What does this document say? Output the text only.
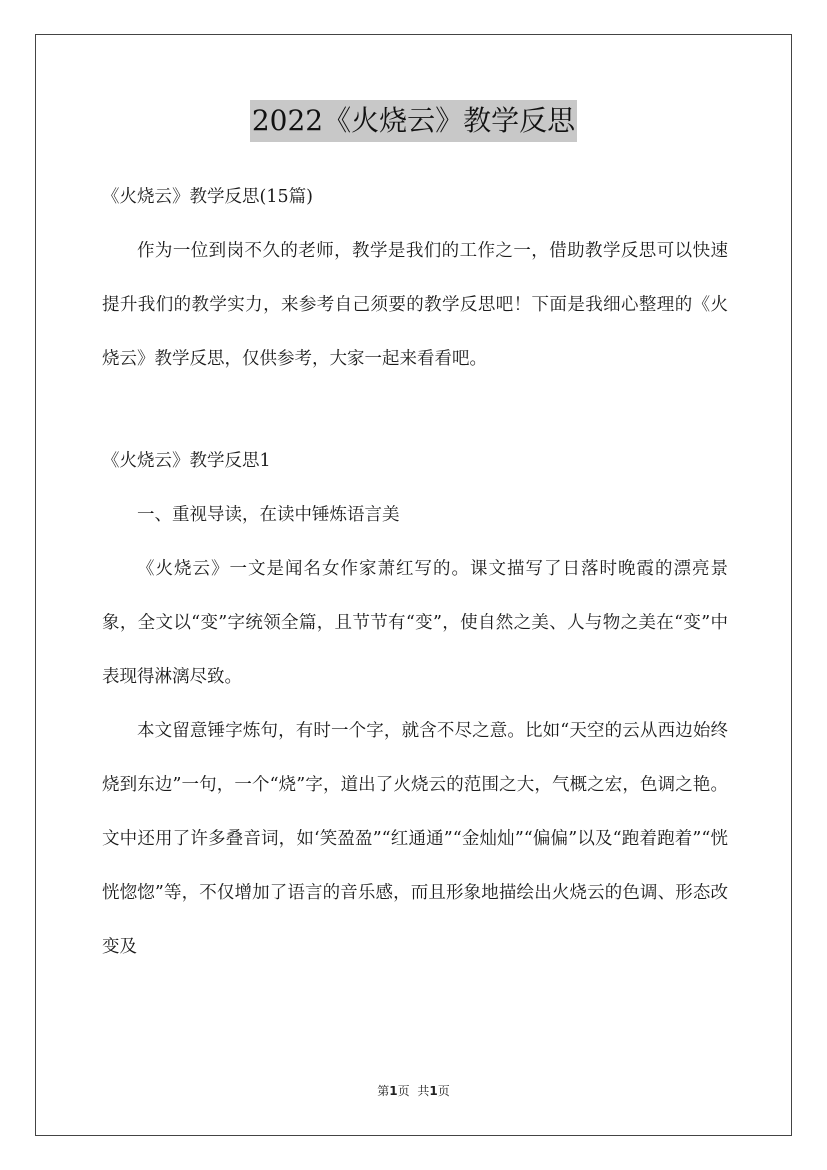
2022《火烧云》教学反思

《火烧云》教学反思(15篇)

作为一位到岗不久的老师，教学是我们的工作之一，借助教学反思可以快速提升我们的教学实力，来参考自己须要的教学反思吧！下面是我细心整理的《火烧云》教学反思，仅供参考，大家一起来看看吧。

《火烧云》教学反思1

一、重视导读，在读中锤炼语言美

《火烧云》一文是闻名女作家萧红写的。课文描写了日落时晚霞的漂亮景象，全文以“变”字统领全篇，且节节有“变”，使自然之美、人与物之美在“变”中表现得淋漓尽致。

本文留意锤字炼句，有时一个字，就含不尽之意。比如“天空的云从西边始终烧到东边”一句，一个“烧”字，道出了火烧云的范围之大，气概之宏，色调之艳。文中还用了许多叠音词，如‘笑盈盈”“红通通”“金灿灿”“偏偏”以及“跑着跑着”“恍恍惚惚”等，不仅增加了语言的音乐感，而且形象地描绘出火烧云的色调、形态改变及

第1页 共1页
